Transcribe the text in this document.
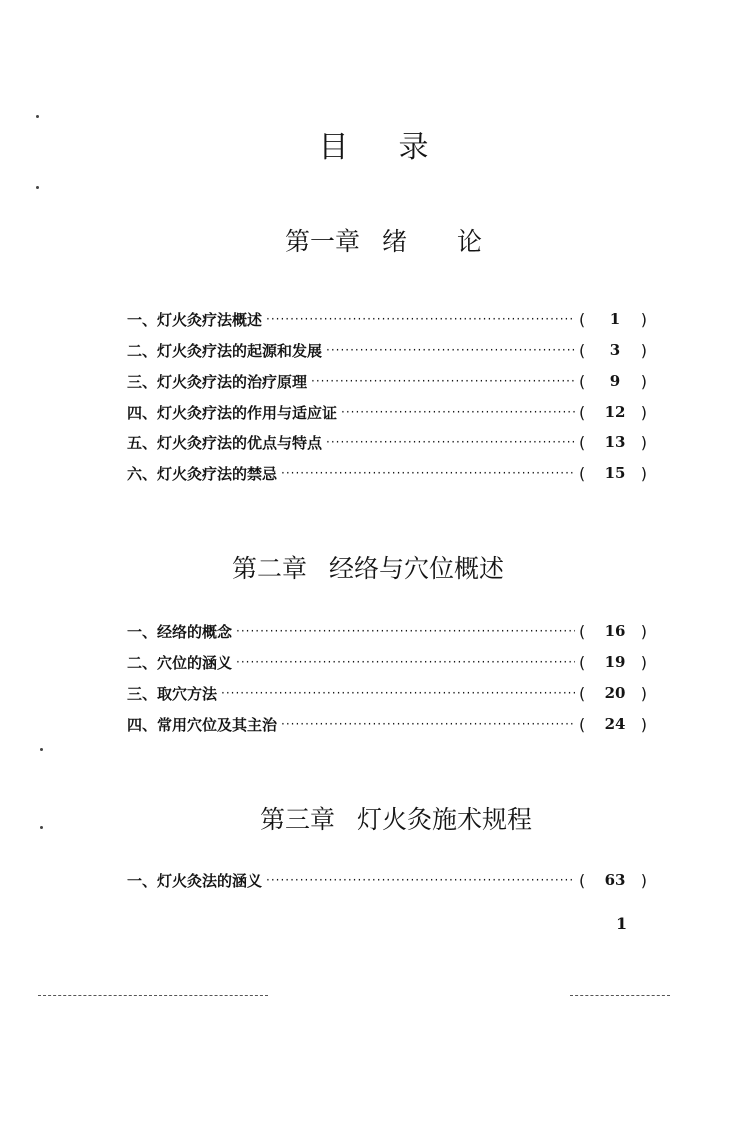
目 录
第一章 绪　　论
一、灯火灸疗法概述 ·····	(	1	)
二、灯火灸疗法的起源和发展 ·····	(	3	)
三、灯火灸疗法的治疗原理 ·····	(	9	)
四、灯火灸疗法的作用与适应证 ·····	(	12 )
五、灯火灸疗法的优点与特点 ·····	(	13 )
六、灯火灸疗法的禁忌 ·····	(	15 )
第二章 经络与穴位概述
一、经络的概念 ·····	(	16 )
二、穴位的涵义 ·····	(	19 )
三、取穴方法 ·····	(	20 )
四、常用穴位及其主治 ·····	(	24 )
第三章 灯火灸施术规程
一、灯火灸法的涵义 ·····	(	63 )
1
